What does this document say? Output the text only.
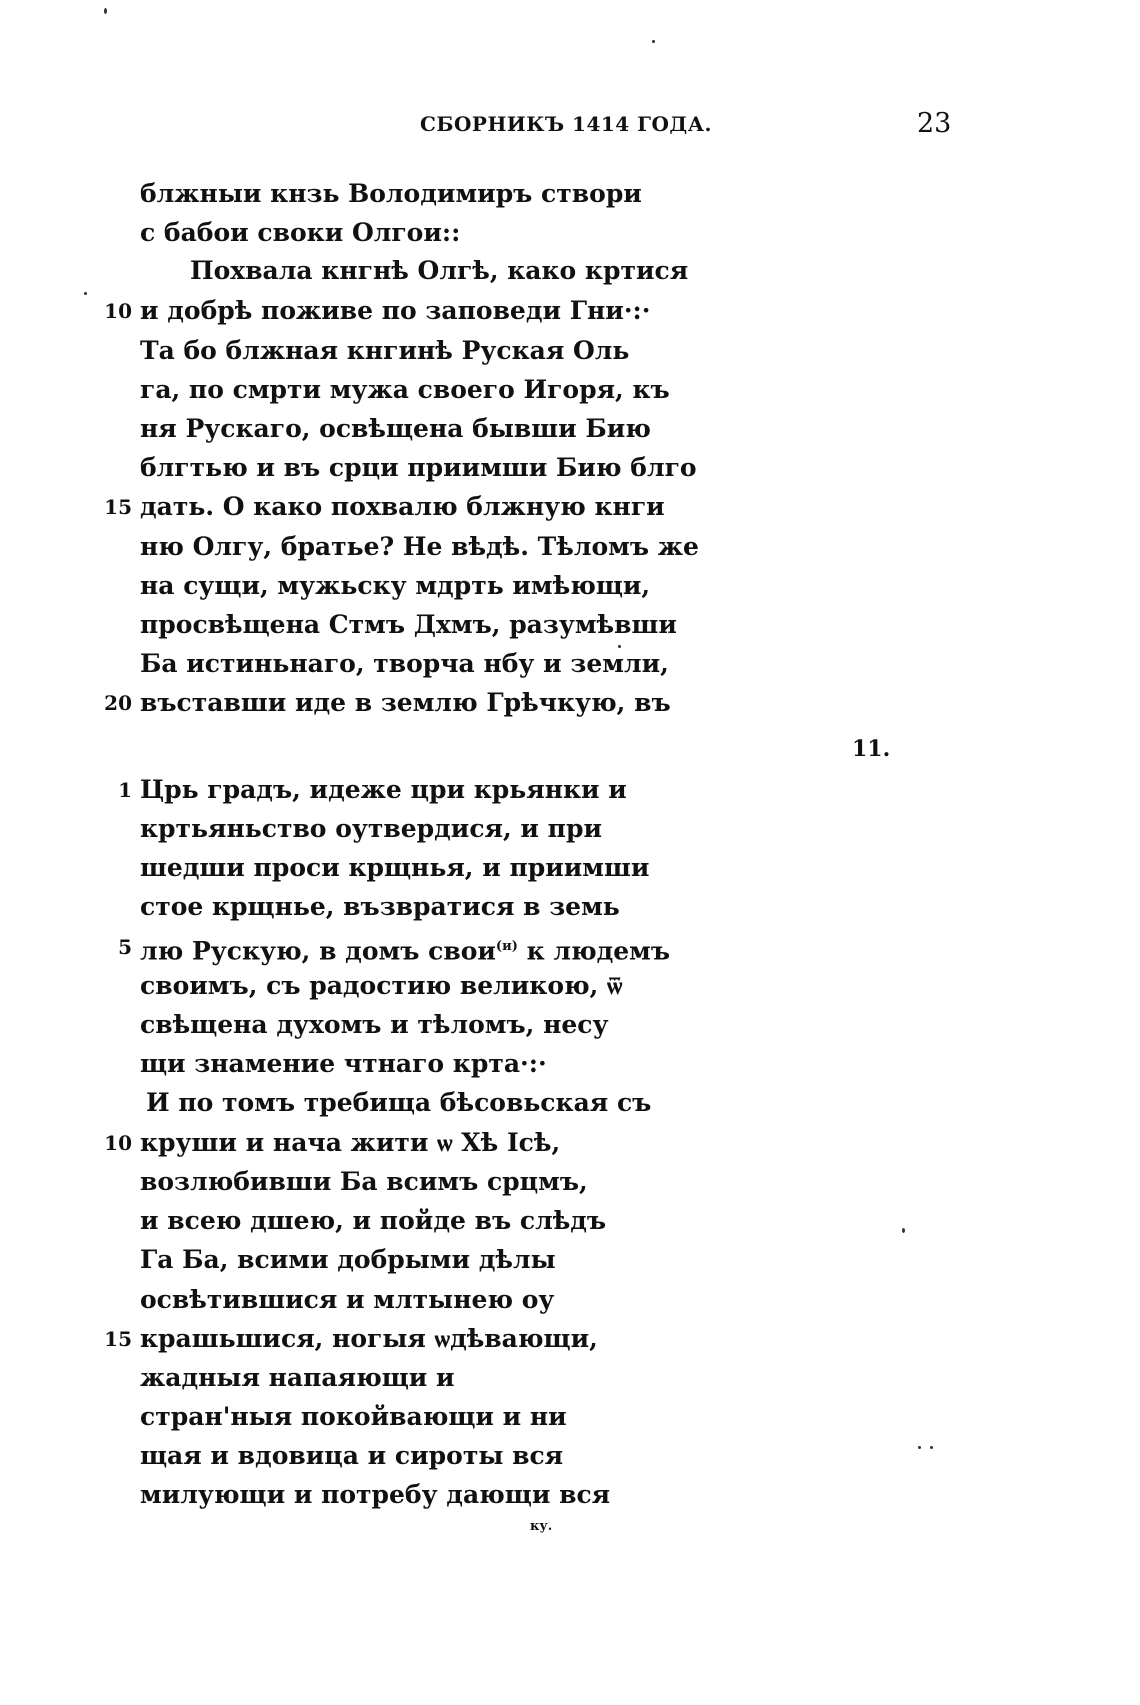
СБОРНИКЪ 1414 ГОДА.	23
блжныи кнзь Володимиръ створи
с бабои своки Олгои::
Похвала кнгнѣ Олгѣ, како кртися
10 и добрѣ поживе по заповеди Гни·:·
Та бо блжная кнгинѣ Руская Оль
га, по смрти мужа своего Игоря, къ
ня Рускаго, освѣщена бывши Бию
блгтью и въ срци приимши Бию блго
15 дать. О како похвалю блжную кнги
ню Олгу, братье? Не вѣдѣ. Тѣломъ же
на сущи, мужьску мдрть имѣющи,
просвѣщена Стмъ Дхмъ, разумѣвши
Ба истиньнаго, творча нбу и земли,
20 въставши иде в землю Грѣчкую, въ
11.
1 Црь градъ, идеже цри крьянки и
кртьяньство оутвердися, и при
шедши проси крщнья, и приимши
стое крщнье, възвратися в земь
5 лю Рускую, в домъ свои$^{(и)}$ к людемъ
своимъ, съ радостию великою, ѿ
свѣщена духомъ и тѣломъ, несу
щи знамение чтнаго крта·:·
И по томъ требища бѣсовьская съ
10 круши и нача жити ѡ Хѣ Ісѣ,
возлюбивши Ба всимъ срцмъ,
и всею дшею, и пойде въ слѣдъ
Га Ба, всими добрыми дѣлы
освѣтившися и млтынею оу
15 крашьшися, ногыя ѡдѣвающи,
жадныя напаяющи и
стран'ныя покойвающи и ни
щая и вдовица и сироты вся
милующи и потребу дающи вся
ку.
